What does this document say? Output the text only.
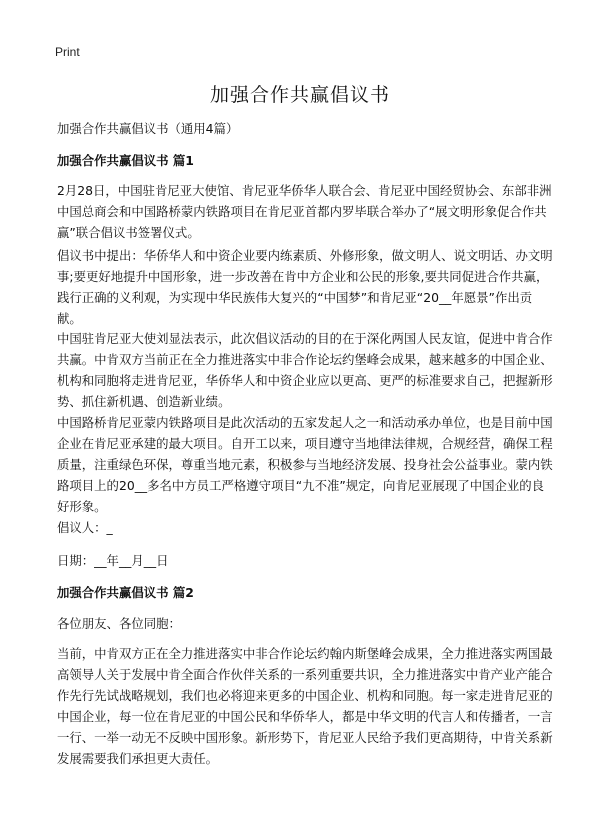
Print
加强合作共赢倡议书
加强合作共赢倡议书（通用4篇）
加强合作共赢倡议书 篇1
2月28日，中国驻肯尼亚大使馆、肯尼亚华侨华人联合会、肯尼亚中国经贸协会、东部非洲中国总商会和中国路桥蒙内铁路项目在肯尼亚首都内罗毕联合举办了“展文明形象促合作共赢”联合倡议书签署仪式。
倡议书中提出：华侨华人和中资企业要内练素质、外修形象，做文明人、说文明话、办文明事;要更好地提升中国形象，进一步改善在肯中方企业和公民的形象,要共同促进合作共赢，践行正确的义利观，为实现中华民族伟大复兴的“中国梦”和肯尼亚“20__年愿景”作出贡献。
中国驻肯尼亚大使刘显法表示，此次倡议活动的目的在于深化两国人民友谊，促进中肯合作共赢。中肯双方当前正在全力推进落实中非合作论坛约堡峰会成果，越来越多的中国企业、机构和同胞将走进肯尼亚，华侨华人和中资企业应以更高、更严的标准要求自己，把握新形势、抓住新机遇、创造新业绩。
中国路桥肯尼亚蒙内铁路项目是此次活动的五家发起人之一和活动承办单位，也是目前中国企业在肯尼亚承建的最大项目。自开工以来，项目遵守当地律法律规，合规经营，确保工程质量，注重绿色环保，尊重当地元素，积极参与当地经济发展、投身社会公益事业。蒙内铁路项目上的20__多名中方员工严格遵守项目“九不准”规定，向肯尼亚展现了中国企业的良好形象。
倡议人：_
日期：__年__月__日
加强合作共赢倡议书 篇2
各位朋友、各位同胞：
当前，中肯双方正在全力推进落实中非合作论坛约翰内斯堡峰会成果，全力推进落实两国最高领导人关于发展中肯全面合作伙伴关系的一系列重要共识，全力推进落实中肯产业产能合作先行先试战略规划，我们也必将迎来更多的中国企业、机构和同胞。每一家走进肯尼亚的中国企业，每一位在肯尼亚的中国公民和华侨华人，都是中华文明的代言人和传播者，一言一行、一举一动无不反映中国形象。新形势下，肯尼亚人民给予我们更高期待，中肯关系新发展需要我们承担更大责任。
